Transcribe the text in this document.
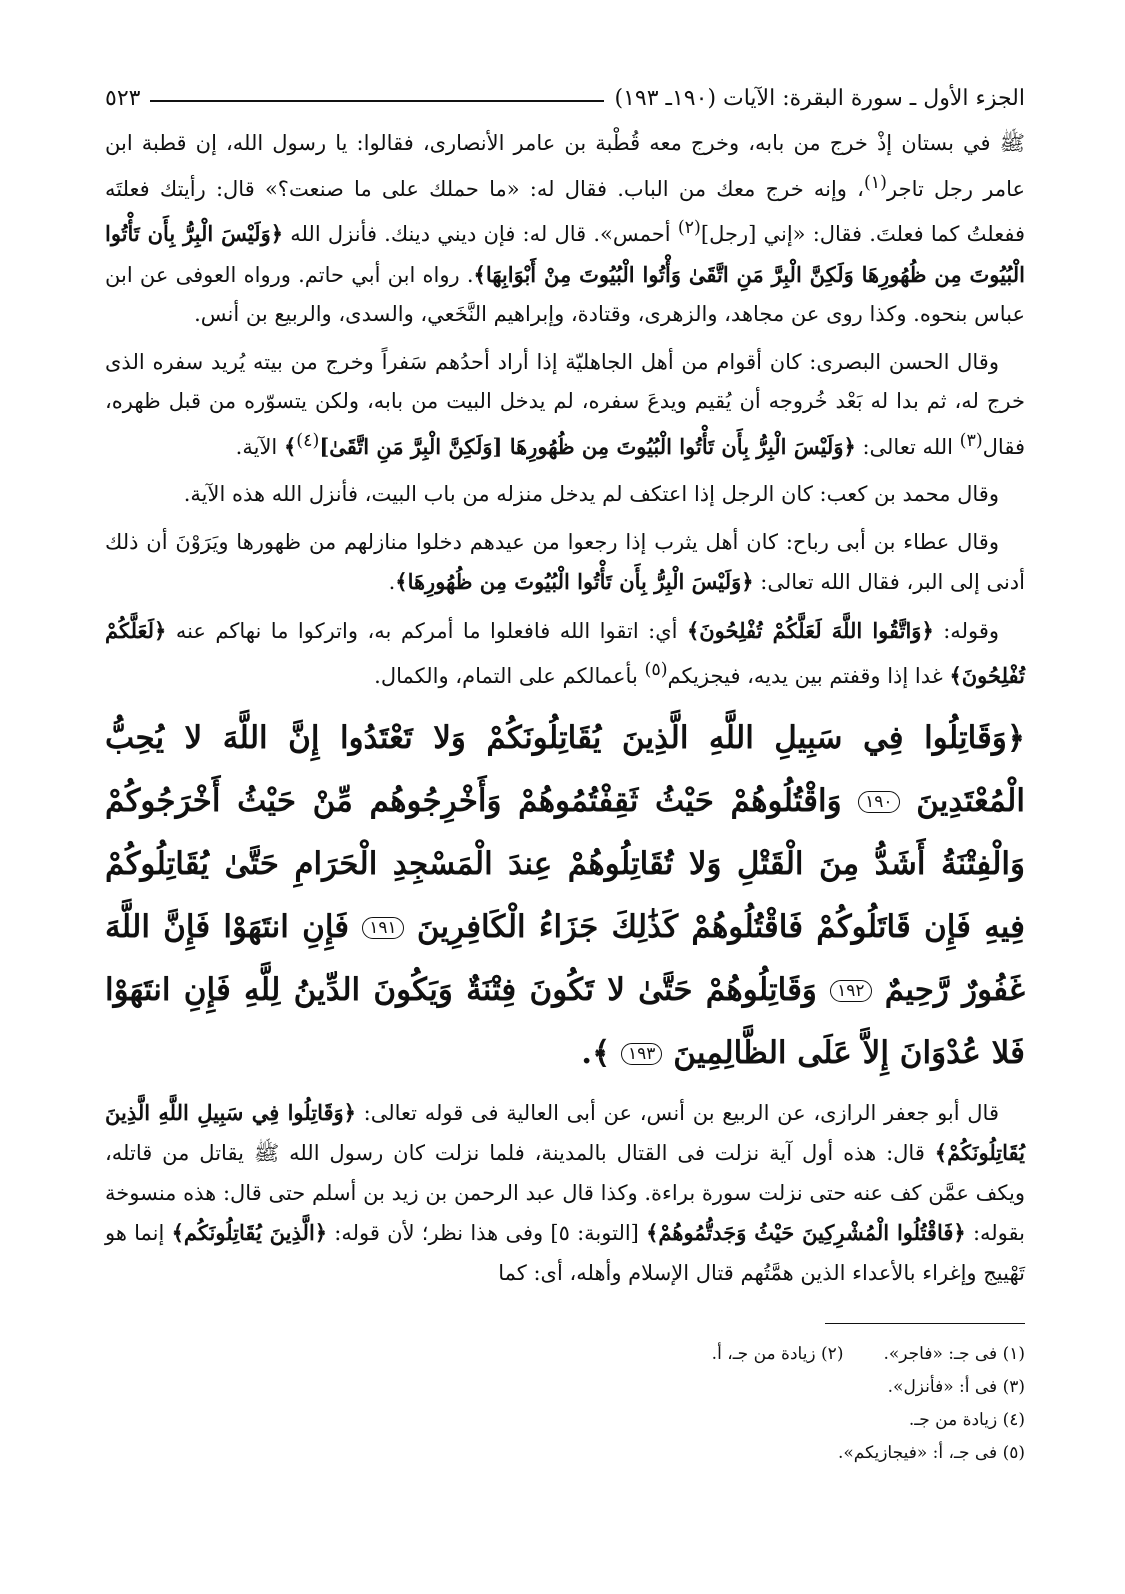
الجزء الأول ـ سورة البقرة: الآيات (١٩٠ـ ١٩٣)
٥٢٣

ﷺ في بستان إذْ خرج من بابه، وخرج معه قُطْبة بن عامر الأنصارى، فقالوا: يا رسول الله، إن قطبة ابن عامر رجل تاجر$^{(١)}$، وإنه خرج معك من الباب. فقال له: «ما حملك على ما صنعت؟» قال: رأيتك فعلتَه ففعلتُ كما فعلتَ. فقال: «إني [رجل]$^{(٢)}$ أحمس». قال له: فإن ديني دينك. فأنزل الله ﴿وَلَيْسَ الْبِرُّ بِأَن تَأْتُوا الْبُيُوتَ مِن ظُهُورِهَا وَلَكِنَّ الْبِرَّ مَنِ اتَّقَىٰ وَأْتُوا الْبُيُوتَ مِنْ أَبْوَابِهَا﴾. رواه ابن أبي حاتم. ورواه العوفى عن ابن عباس بنحوه. وكذا روى عن مجاهد، والزهرى، وقتادة، وإبراهيم النَّخَعي، والسدى، والربيع بن أنس.

وقال الحسن البصرى: كان أقوام من أهل الجاهليّة إذا أراد أحدُهم سَفراً وخرج من بيته يُريد سفره الذى خرج له، ثم بدا له بَعْد خُروجه أن يُقيم ويدعَ سفره، لم يدخل البيت من بابه، ولكن يتسوّره من قبل ظهره، فقال$^{(٣)}$ الله تعالى: ﴿وَلَيْسَ الْبِرُّ بِأَن تَأْتُوا الْبُيُوتَ مِن ظُهُورِهَا [وَلَكِنَّ الْبِرَّ مَنِ اتَّقَىٰ]$^{(٤)}$﴾ الآية.

وقال محمد بن كعب: كان الرجل إذا اعتكف لم يدخل منزله من باب البيت، فأنزل الله هذه الآية.

وقال عطاء بن أبى رباح: كان أهل يثرب إذا رجعوا من عيدهم دخلوا منازلهم من ظهورها ويَرَوْنَ أن ذلك أدنى إلى البر، فقال الله تعالى: ﴿وَلَيْسَ الْبِرُّ بِأَن تَأْتُوا الْبُيُوتَ مِن ظُهُورِهَا﴾.

وقوله: ﴿وَاتَّقُوا اللَّهَ لَعَلَّكُمْ تُفْلِحُونَ﴾ أي: اتقوا الله فافعلوا ما أمركم به، واتركوا ما نهاكم عنه ﴿لَعَلَّكُمْ تُفْلِحُونَ﴾ غدا إذا وقفتم بين يديه، فيجزيكم$^{(٥)}$ بأعمالكم على التمام، والكمال.

﴿وَقَاتِلُوا فِي سَبِيلِ اللَّهِ الَّذِينَ يُقَاتِلُونَكُمْ وَلا تَعْتَدُوا إِنَّ اللَّهَ لا يُحِبُّ الْمُعْتَدِينَ ١٩٠ وَاقْتُلُوهُمْ حَيْثُ ثَقِفْتُمُوهُمْ وَأَخْرِجُوهُم مِّنْ حَيْثُ أَخْرَجُوكُمْ وَالْفِتْنَةُ أَشَدُّ مِنَ الْقَتْلِ وَلا تُقَاتِلُوهُمْ عِندَ الْمَسْجِدِ الْحَرَامِ حَتَّىٰ يُقَاتِلُوكُمْ فِيهِ فَإِن قَاتَلُوكُمْ فَاقْتُلُوهُمْ كَذَٰلِكَ جَزَاءُ الْكَافِرِينَ ١٩١ فَإِنِ انتَهَوْا فَإِنَّ اللَّهَ غَفُورٌ رَّحِيمٌ ١٩٢ وَقَاتِلُوهُمْ حَتَّىٰ لا تَكُونَ فِتْنَةٌ وَيَكُونَ الدِّينُ لِلَّهِ فَإِنِ انتَهَوْا فَلا عُدْوَانَ إِلاَّ عَلَى الظَّالِمِينَ ١٩٣ ﴾.

قال أبو جعفر الرازى، عن الربيع بن أنس، عن أبى العالية فى قوله تعالى: ﴿وَقَاتِلُوا فِي سَبِيلِ اللَّهِ الَّذِينَ يُقَاتِلُونَكُمْ﴾ قال: هذه أول آية نزلت فى القتال بالمدينة، فلما نزلت كان رسول الله ﷺ يقاتل من قاتله، ويكف عمَّن كف عنه حتى نزلت سورة براءة. وكذا قال عبد الرحمن بن زيد بن أسلم حتى قال: هذه منسوخة بقوله: ﴿فَاقْتُلُوا الْمُشْرِكِينَ حَيْثُ وَجَدتُّمُوهُمْ﴾ [التوبة: ٥] وفى هذا نظر؛ لأن قوله: ﴿الَّذِينَ يُقَاتِلُونَكُم﴾ إنما هو تَهْييج وإغراء بالأعداء الذين همَّتُهم قتال الإسلام وأهله، أى: كما

(١) فى جـ: «فاجر».
(٢) زيادة من جـ، أ.
(٣) فى أ: «فأنزل».
(٤) زيادة من جـ.
(٥) فى جـ، أ: «فيجازيكم».
